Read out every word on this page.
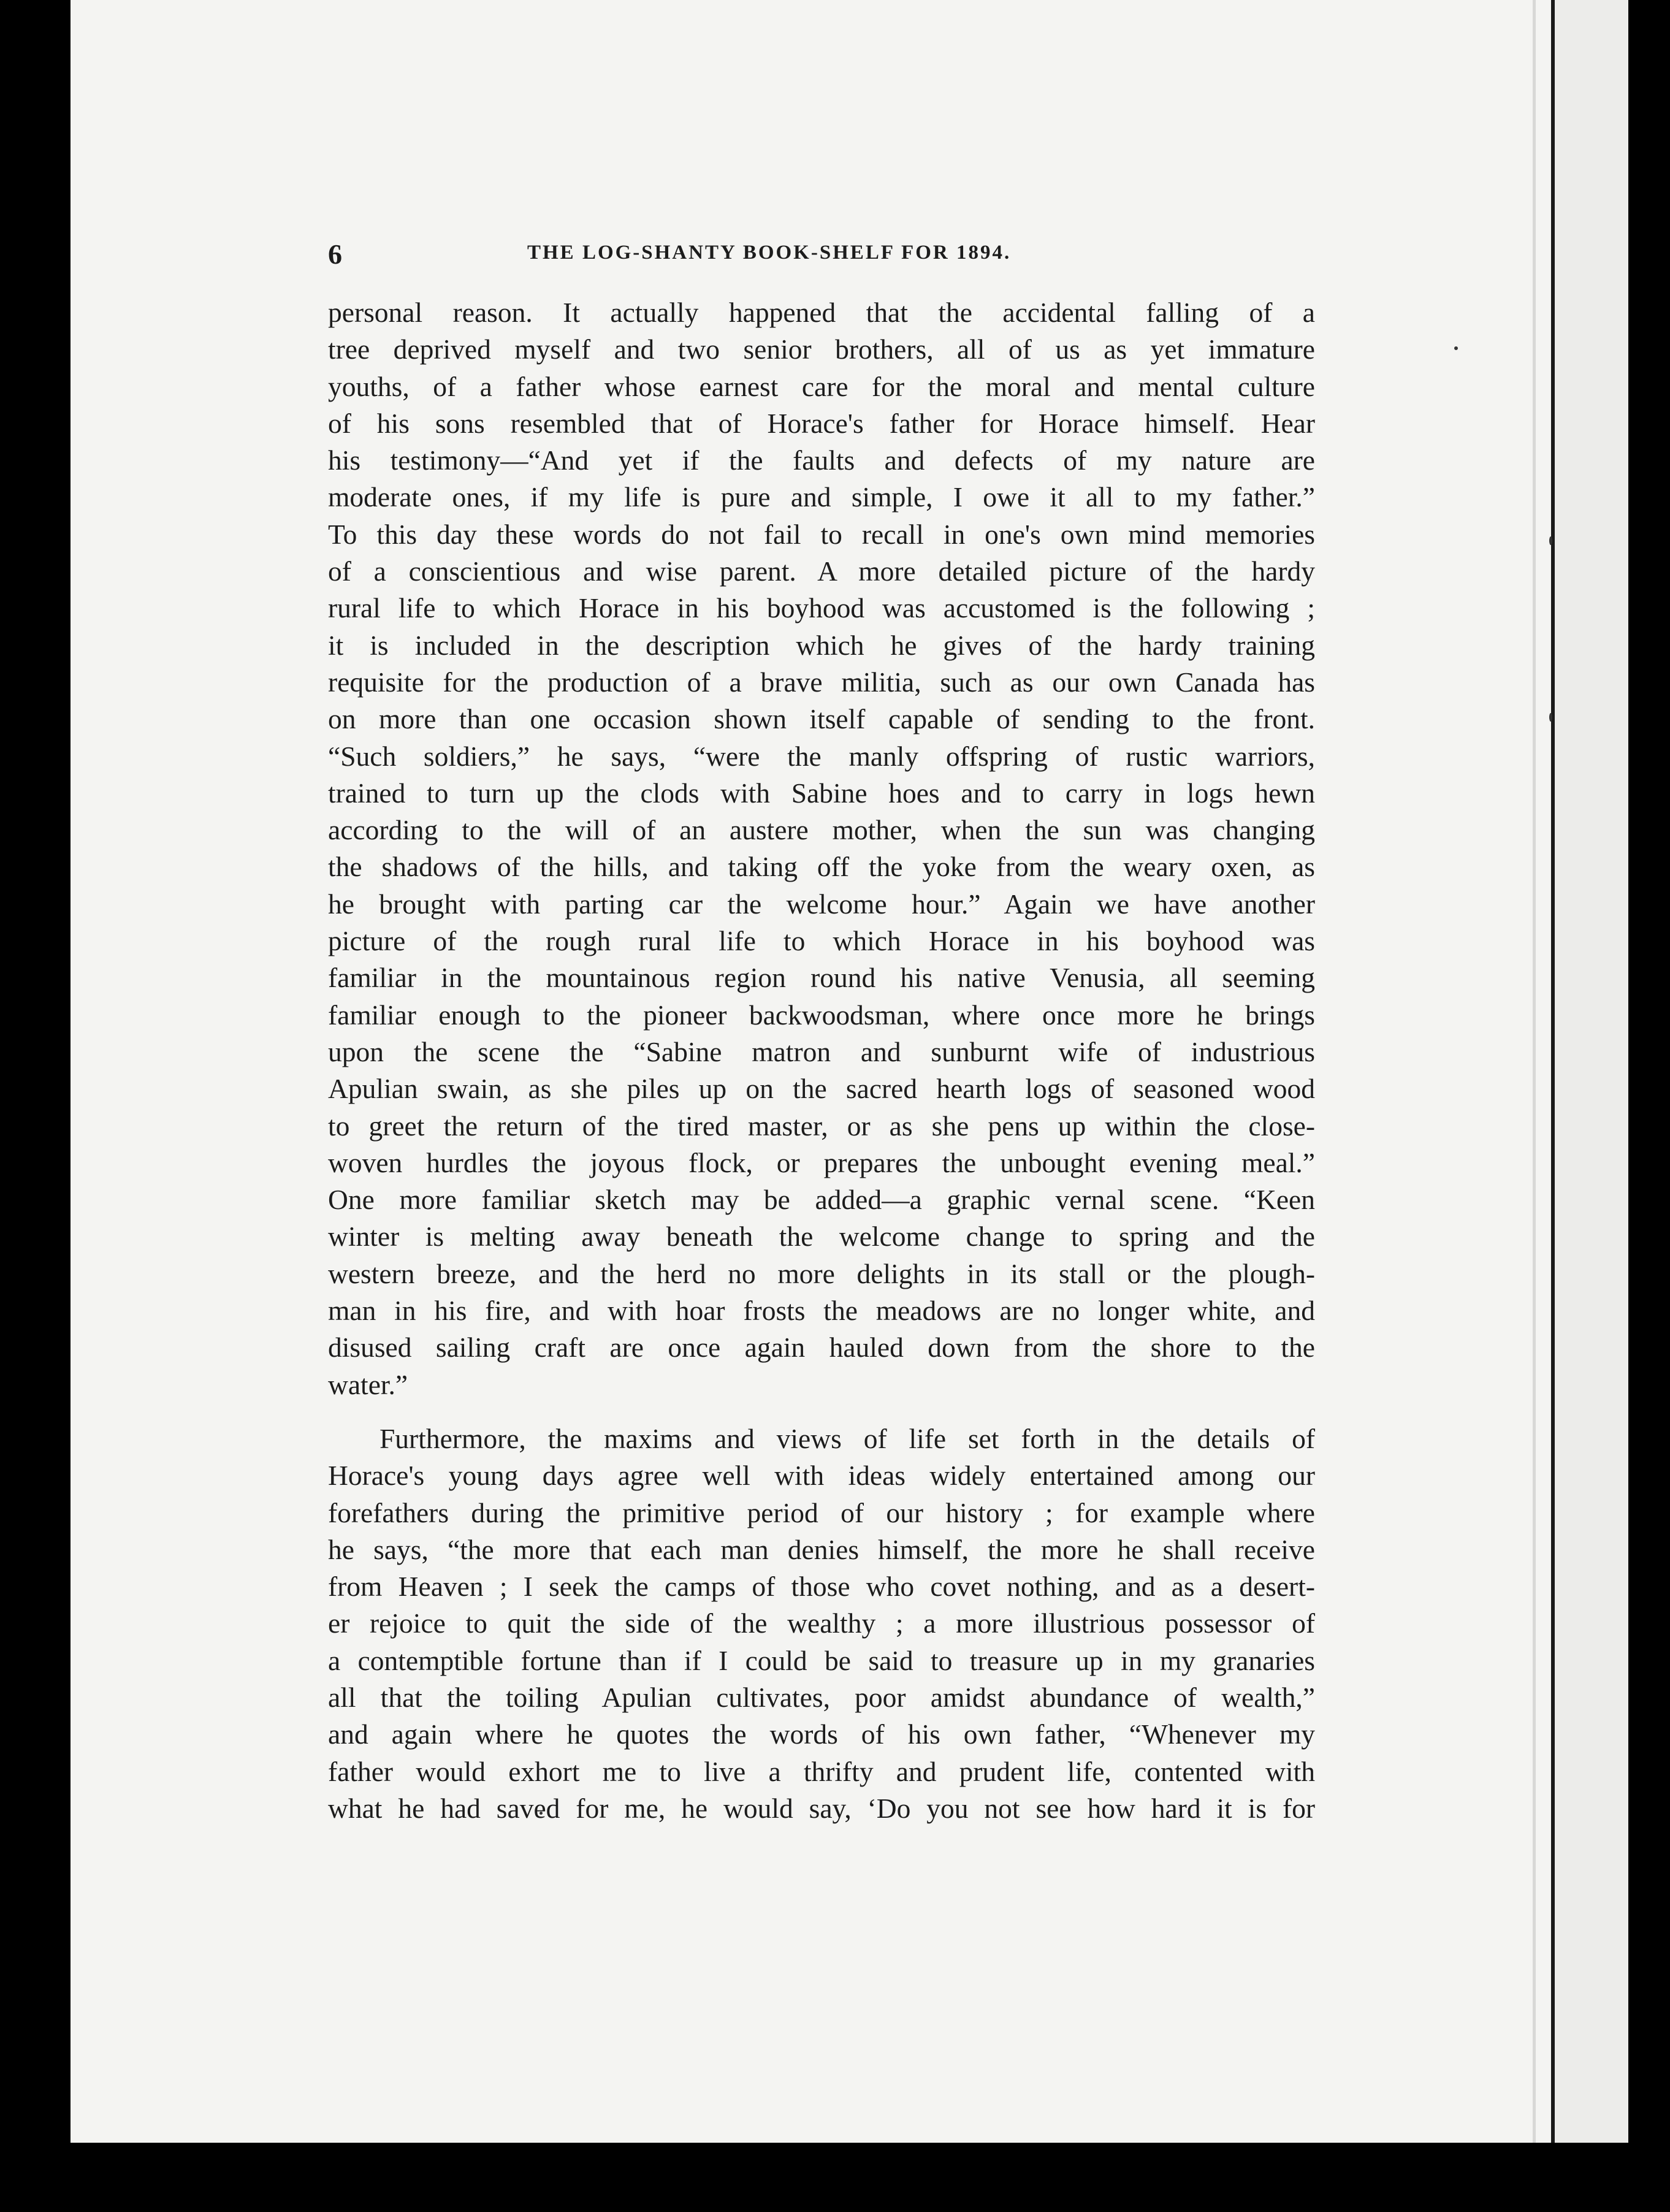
6	THE LOG-SHANTY BOOK-SHELF FOR 1894.
personal reason. It actually happened that the accidental falling of a
tree deprived myself and two senior brothers, all of us as yet immature
youths, of a father whose earnest care for the moral and mental culture
of his sons resembled that of Horace's father for Horace himself. Hear
his testimony—“And yet if the faults and defects of my nature are
moderate ones, if my life is pure and simple, I owe it all to my father.”
To this day these words do not fail to recall in one's own mind memories
of a conscientious and wise parent. A more detailed picture of the hardy
rural life to which Horace in his boyhood was accustomed is the following ;
it is included in the description which he gives of the hardy training
requisite for the production of a brave militia, such as our own Canada has
on more than one occasion shown itself capable of sending to the front.
“Such soldiers,” he says, “were the manly offspring of rustic warriors,
trained to turn up the clods with Sabine hoes and to carry in logs hewn
according to the will of an austere mother, when the sun was changing
the shadows of the hills, and taking off the yoke from the weary oxen, as
he brought with parting car the welcome hour.” Again we have another
picture of the rough rural life to which Horace in his boyhood was
familiar in the mountainous region round his native Venusia, all seeming
familiar enough to the pioneer backwoodsman, where once more he brings
upon the scene the “Sabine matron and sunburnt wife of industrious
Apulian swain, as she piles up on the sacred hearth logs of seasoned wood
to greet the return of the tired master, or as she pens up within the close-
woven hurdles the joyous flock, or prepares the unbought evening meal.”
One more familiar sketch may be added—a graphic vernal scene. “Keen
winter is melting away beneath the welcome change to spring and the
western breeze, and the herd no more delights in its stall or the plough-
man in his fire, and with hoar frosts the meadows are no longer white, and
disused sailing craft are once again hauled down from the shore to the
water.”
Furthermore, the maxims and views of life set forth in the details of
Horace's young days agree well with ideas widely entertained among our
forefathers during the primitive period of our history ; for example where
he says, “the more that each man denies himself, the more he shall receive
from Heaven ; I seek the camps of those who covet nothing, and as a desert-
er rejoice to quit the side of the wealthy ; a more illustrious possessor of
a contemptible fortune than if I could be said to treasure up in my granaries
all that the toiling Apulian cultivates, poor amidst abundance of wealth,”
and again where he quotes the words of his own father, “Whenever my
father would exhort me to live a thrifty and prudent life, contented with
what he had saved for me, he would say, ‘Do you not see how hard it is for
